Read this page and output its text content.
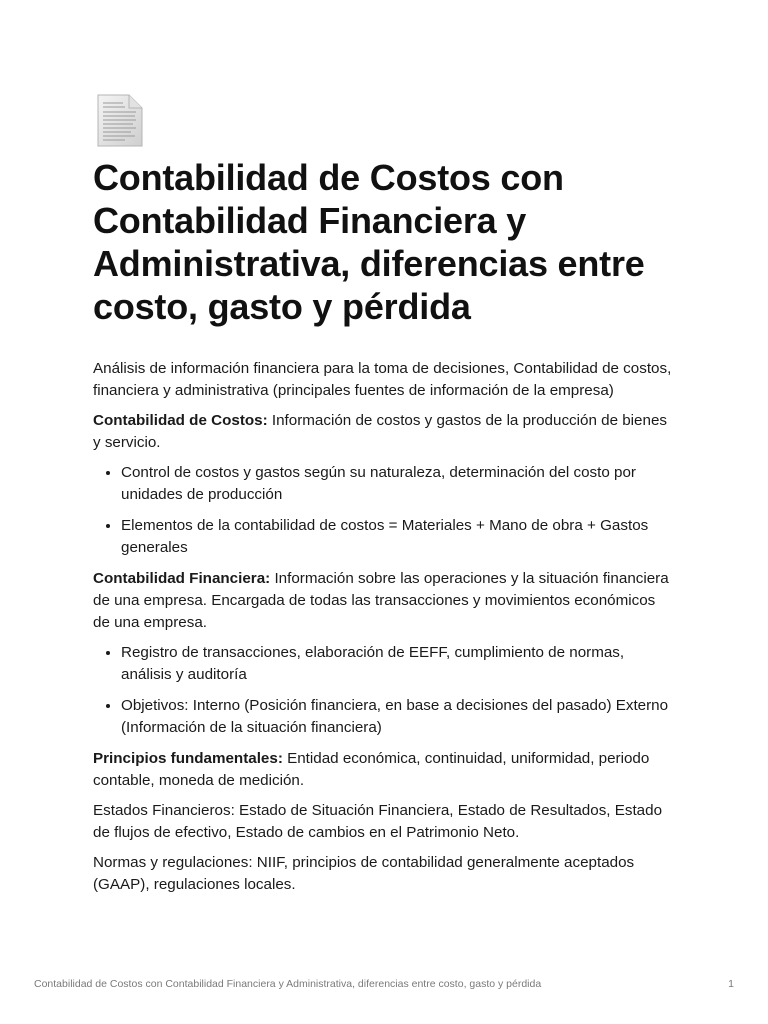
Contabilidad de Costos con Contabilidad Financiera y Administrativa, diferencias entre costo, gasto y pérdida

Análisis de información financiera para la toma de decisiones, Contabilidad de costos, financiera y administrativa (principales fuentes de información de la empresa)

Contabilidad de Costos: Información de costos y gastos de la producción de bienes y servicio.

• Control de costos y gastos según su naturaleza, determinación del costo por unidades de producción
• Elementos de la contabilidad de costos = Materiales + Mano de obra + Gastos generales

Contabilidad Financiera: Información sobre las operaciones y la situación financiera de una empresa. Encargada de todas las transacciones y movimientos económicos de una empresa.

• Registro de transacciones, elaboración de EEFF, cumplimiento de normas, análisis y auditoría
• Objetivos: Interno (Posición financiera, en base a decisiones del pasado) Externo (Información de la situación financiera)

Principios fundamentales: Entidad económica, continuidad, uniformidad, periodo contable, moneda de medición.

Estados Financieros: Estado de Situación Financiera, Estado de Resultados, Estado de flujos de efectivo, Estado de cambios en el Patrimonio Neto.

Normas y regulaciones: NIIF, principios de contabilidad generalmente aceptados (GAAP), regulaciones locales.

Contabilidad de Costos con Contabilidad Financiera y Administrativa, diferencias entre costo, gasto y pérdida	1
